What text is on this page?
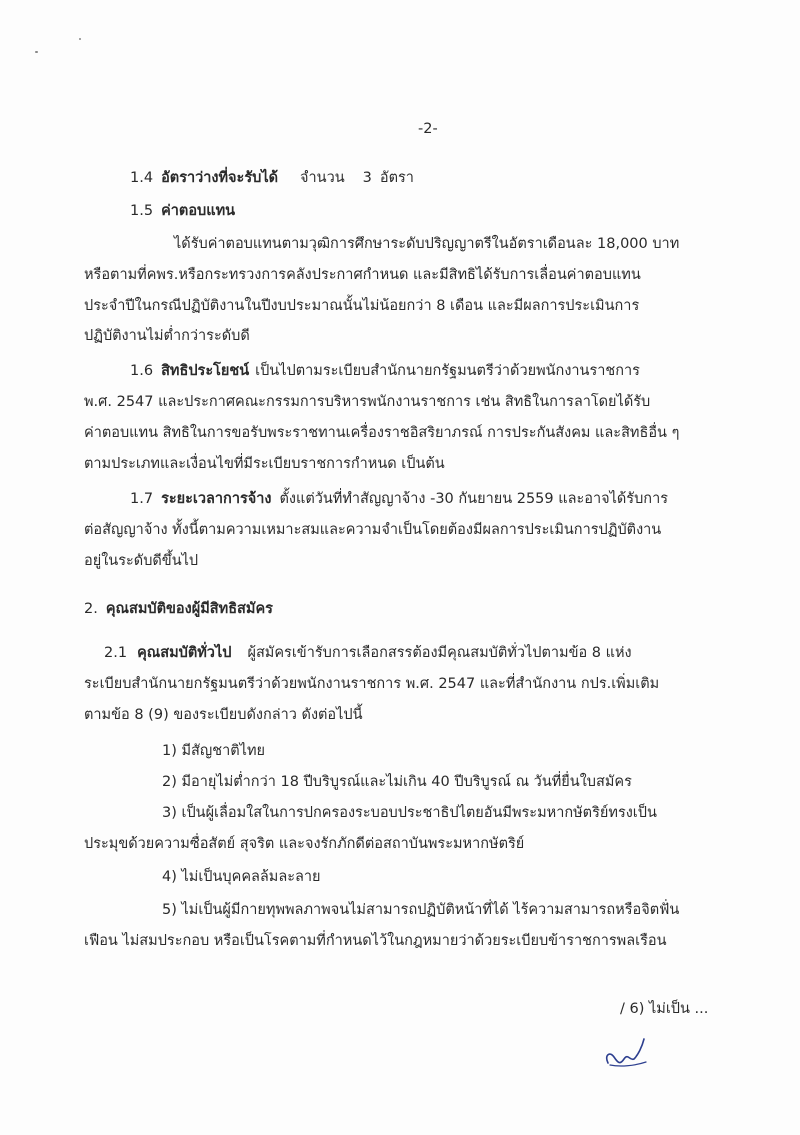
-2-
1.4 อัตราว่างที่จะรับได้ จำนวน 3 อัตรา
1.5 ค่าตอบแทน
ได้รับค่าตอบแทนตามวุฒิการศึกษาระดับปริญญาตรีในอัตราเดือนละ 18,000 บาท
หรือตามที่คพร.หรือกระทรวงการคลังประกาศกำหนด และมีสิทธิได้รับการเลื่อนค่าตอบแทน
ประจำปีในกรณีปฏิบัติงานในปีงบประมาณนั้นไม่น้อยกว่า 8 เดือน และมีผลการประเมินการ
ปฏิบัติงานไม่ต่ำกว่าระดับดี
1.6 สิทธิประโยชน์ เป็นไปตามระเบียบสำนักนายกรัฐมนตรีว่าด้วยพนักงานราชการ
พ.ศ. 2547 และประกาศคณะกรรมการบริหารพนักงานราชการ เช่น สิทธิในการลาโดยได้รับ
ค่าตอบแทน สิทธิในการขอรับพระราชทานเครื่องราชอิสริยาภรณ์ การประกันสังคม และสิทธิอื่น ๆ
ตามประเภทและเงื่อนไขที่มีระเบียบราชการกำหนด เป็นต้น
1.7 ระยะเวลาการจ้าง ตั้งแต่วันที่ทำสัญญาจ้าง -30 กันยายน 2559 และอาจได้รับการ
ต่อสัญญาจ้าง ทั้งนี้ตามความเหมาะสมและความจำเป็นโดยต้องมีผลการประเมินการปฏิบัติงาน
อยู่ในระดับดีขึ้นไป
2. คุณสมบัติของผู้มีสิทธิสมัคร
2.1 คุณสมบัติทั่วไป ผู้สมัครเข้ารับการเลือกสรรต้องมีคุณสมบัติทั่วไปตามข้อ 8 แห่ง
ระเบียบสำนักนายกรัฐมนตรีว่าด้วยพนักงานราชการ พ.ศ. 2547 และที่สำนักงาน กปร.เพิ่มเติม
ตามข้อ 8 (9) ของระเบียบดังกล่าว ดังต่อไปนี้
1) มีสัญชาติไทย
2) มีอายุไม่ต่ำกว่า 18 ปีบริบูรณ์และไม่เกิน 40 ปีบริบูรณ์ ณ วันที่ยื่นใบสมัคร
3) เป็นผู้เลื่อมใสในการปกครองระบอบประชาธิปไตยอันมีพระมหากษัตริย์ทรงเป็น
ประมุขด้วยความซื่อสัตย์ สุจริต และจงรักภักดีต่อสถาบันพระมหากษัตริย์
4) ไม่เป็นบุคคลล้มละลาย
5) ไม่เป็นผู้มีกายทุพพลภาพจนไม่สามารถปฏิบัติหน้าที่ได้ ไร้ความสามารถหรือจิตฟั่น
เฟือน ไม่สมประกอบ หรือเป็นโรคตามที่กำหนดไว้ในกฎหมายว่าด้วยระเบียบข้าราชการพลเรือน
/ 6) ไม่เป็น ...
